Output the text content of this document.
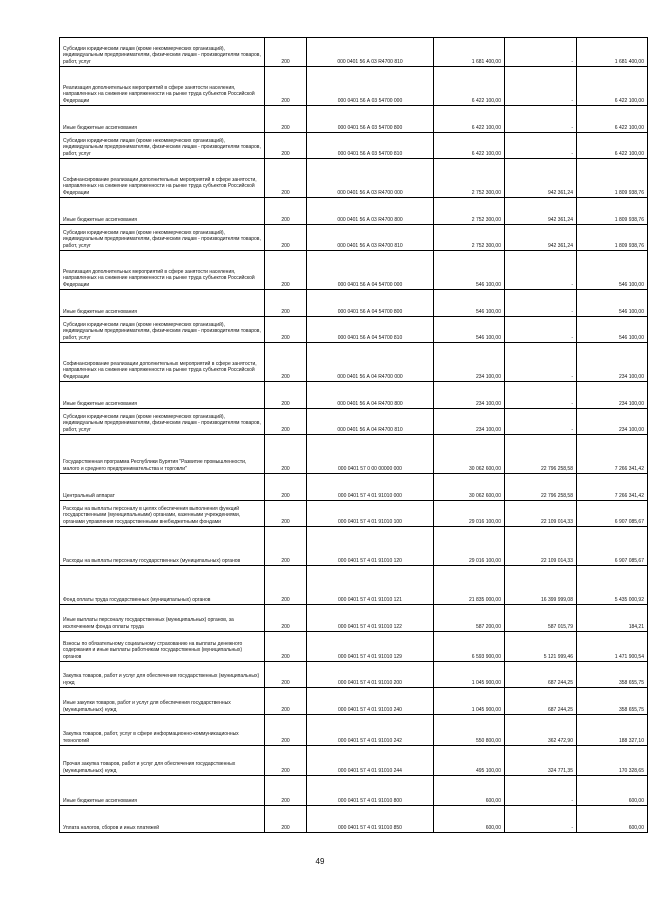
Субсидии юридическим лицам (кроме некоммерческих организаций), индивидуальным предпринимателям, физическим лицам - производителям товаров, работ, услуг	200	000 0401 56 А 03 R4700 810	1 681 400,00	-	1 681 400,00

Реализация дополнительных мероприятий в сфере занятости населения, направленных на снижение напряженности на рынке труда субъектов Российской Федерации	200	000 0401 56 А 03 54700 000	6 422 100,00	-	6 422 100,00

Иные бюджетные ассигнования	200	000 0401 56 А 03 54700 800	6 422 100,00	-	6 422 100,00

Субсидии юридическим лицам (кроме некоммерческих организаций), индивидуальным предпринимателям, физическим лицам - производителям товаров, работ, услуг	200	000 0401 56 А 03 54700 810	6 422 100,00	-	6 422 100,00

Софинансирование реализации дополнительных мероприятий в сфере занятости, направленных на снижение напряженности на рынке труда субъектов Российской Федерации	200	000 0401 56 А 03 R4700 000	2 752 300,00	942 361,24	1 809 938,76

Иные бюджетные ассигнования	200	000 0401 56 А 03 R4700 800	2 752 300,00	942 361,24	1 809 938,76

Субсидии юридическим лицам (кроме некоммерческих организаций), индивидуальным предпринимателям, физическим лицам - производителям товаров, работ, услуг	200	000 0401 56 А 03 R4700 810	2 752 300,00	942 361,24	1 809 938,76

Реализация дополнительных мероприятий в сфере занятости населения, направленных на снижение напряженности на рынке труда субъектов Российской Федерации	200	000 0401 56 А 04 54700 000	546 100,00	-	546 100,00

Иные бюджетные ассигнования	200	000 0401 56 А 04 54700 800	546 100,00	-	546 100,00

Субсидии юридическим лицам (кроме некоммерческих организаций), индивидуальным предпринимателям, физическим лицам - производителям товаров, работ, услуг	200	000 0401 56 А 04 54700 810	546 100,00	-	546 100,00

Софинансирование реализации дополнительных мероприятий в сфере занятости, направленных на снижение напряженности на рынке труда субъектов Российской Федерации	200	000 0401 56 А 04 R4700 000	234 100,00	-	234 100,00

Иные бюджетные ассигнования	200	000 0401 56 А 04 R4700 800	234 100,00	-	234 100,00

Субсидии юридическим лицам (кроме некоммерческих организаций), индивидуальным предпринимателям, физическим лицам - производителям товаров, работ, услуг	200	000 0401 56 А 04 R4700 810	234 100,00	-	234 100,00

Государственная программа Республики Бурятия "Развитие промышленности, малого и среднего предпринимательства и торговли"	200	000 0401 57 0 00 00000 000	30 062 600,00	22 796 258,58	7 266 341,42

Центральный аппарат	200	000 0401 57 4 01 91010 000	30 062 600,00	22 796 258,58	7 266 341,42

Расходы на выплаты персоналу в целях обеспечения выполнения функций государственными (муниципальными) органами, казенными учреждениями, органами управления государственными внебюджетными фондами	200	000 0401 57 4 01 91010 100	29 016 100,00	22 109 014,33	6 907 085,67

Расходы на выплаты персоналу государственных (муниципальных) органов	200	000 0401 57 4 01 91010 120	29 016 100,00	22 109 014,33	6 907 085,67

Фонд оплаты труда государственных (муниципальных) органов	200	000 0401 57 4 01 91010 121	21 835 000,00	16 399 999,08	5 435 000,92

Иные выплаты персоналу государственных (муниципальных) органов, за исключением фонда оплаты труда	200	000 0401 57 4 01 91010 122	587 200,00	587 015,79	184,21

Взносы по обязательному социальному страхованию на выплаты денежного содержания и иные выплаты работникам государственных (муниципальных) органов	200	000 0401 57 4 01 91010 129	6 593 900,00	5 121 999,46	1 471 900,54

Закупка товаров, работ и услуг для обеспечения государственных (муниципальных) нужд	200	000 0401 57 4 01 91010 200	1 045 900,00	687 244,25	358 655,75

Иные закупки товаров, работ и услуг для обеспечения государственных (муниципальных) нужд	200	000 0401 57 4 01 91010 240	1 045 900,00	687 244,25	358 655,75

Закупка товаров, работ, услуг в сфере информационно-коммуникационных технологий	200	000 0401 57 4 01 91010 242	550 800,00	362 472,90	188 327,10

Прочая закупка товаров, работ и услуг для обеспечения государственных (муниципальных) нужд	200	000 0401 57 4 01 91010 244	495 100,00	324 771,35	170 328,65

Иные бюджетные ассигнования	200	000 0401 57 4 01 91010 800	600,00	-	600,00

Уплата налогов, сборов и иных платежей	200	000 0401 57 4 01 91010 850	600,00	-	600,00
49
